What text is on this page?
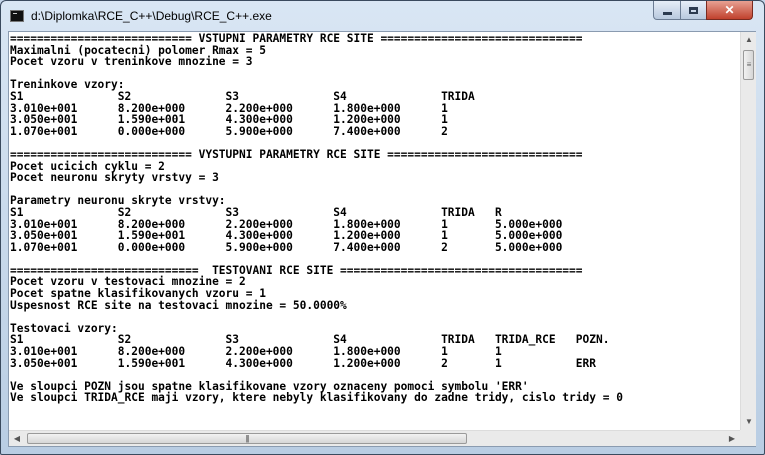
d:\Diplomka\RCE_C++\Debug\RCE_C++.exe	✕
=========================== VSTUPNI PARAMETRY RCE SITE ==============================
Maximalni (pocatecni) polomer Rmax = 5
Pocet vzoru v treninkove mnozine = 3

Treninkove vzory:
S1              S2              S3              S4              TRIDA
3.010e+001      8.200e+000      2.200e+000      1.800e+000      1
3.050e+001      1.590e+001      4.300e+000      1.200e+000      1
1.070e+001      0.000e+000      5.900e+000      7.400e+000      2

=========================== VYSTUPNI PARAMETRY RCE SITE =============================
Pocet ucicich cyklu = 2
Pocet neuronu skryty vrstvy = 3

Parametry neuronu skryte vrstvy:
S1              S2              S3              S4              TRIDA   R
3.010e+001      8.200e+000      2.200e+000      1.800e+000      1       5.000e+000
3.050e+001      1.590e+001      4.300e+000      1.200e+000      1       5.000e+000
1.070e+001      0.000e+000      5.900e+000      7.400e+000      2       5.000e+000

============================  TESTOVANI RCE SITE ====================================
Pocet vzoru v testovaci mnozine = 2
Pocet spatne klasifikovanych vzoru = 1
Uspesnost RCE site na testovaci mnozine = 50.0000%

Testovaci vzory:
S1              S2              S3              S4              TRIDA   TRIDA_RCE   POZN.
3.010e+001      8.200e+000      2.200e+000      1.800e+000      1       1
3.050e+001      1.590e+001      4.300e+000      1.200e+000      2       1           ERR

Ve sloupci POZN jsou spatne klasifikovane vzory oznaceny pomoci symbolu 'ERR'
Ve sloupci TRIDA_RCE maji vzory, ktere nebyly klasifikovany do zadne tridy, cislo tridy = 0

▲
≡
▼
◀	|||	▶
